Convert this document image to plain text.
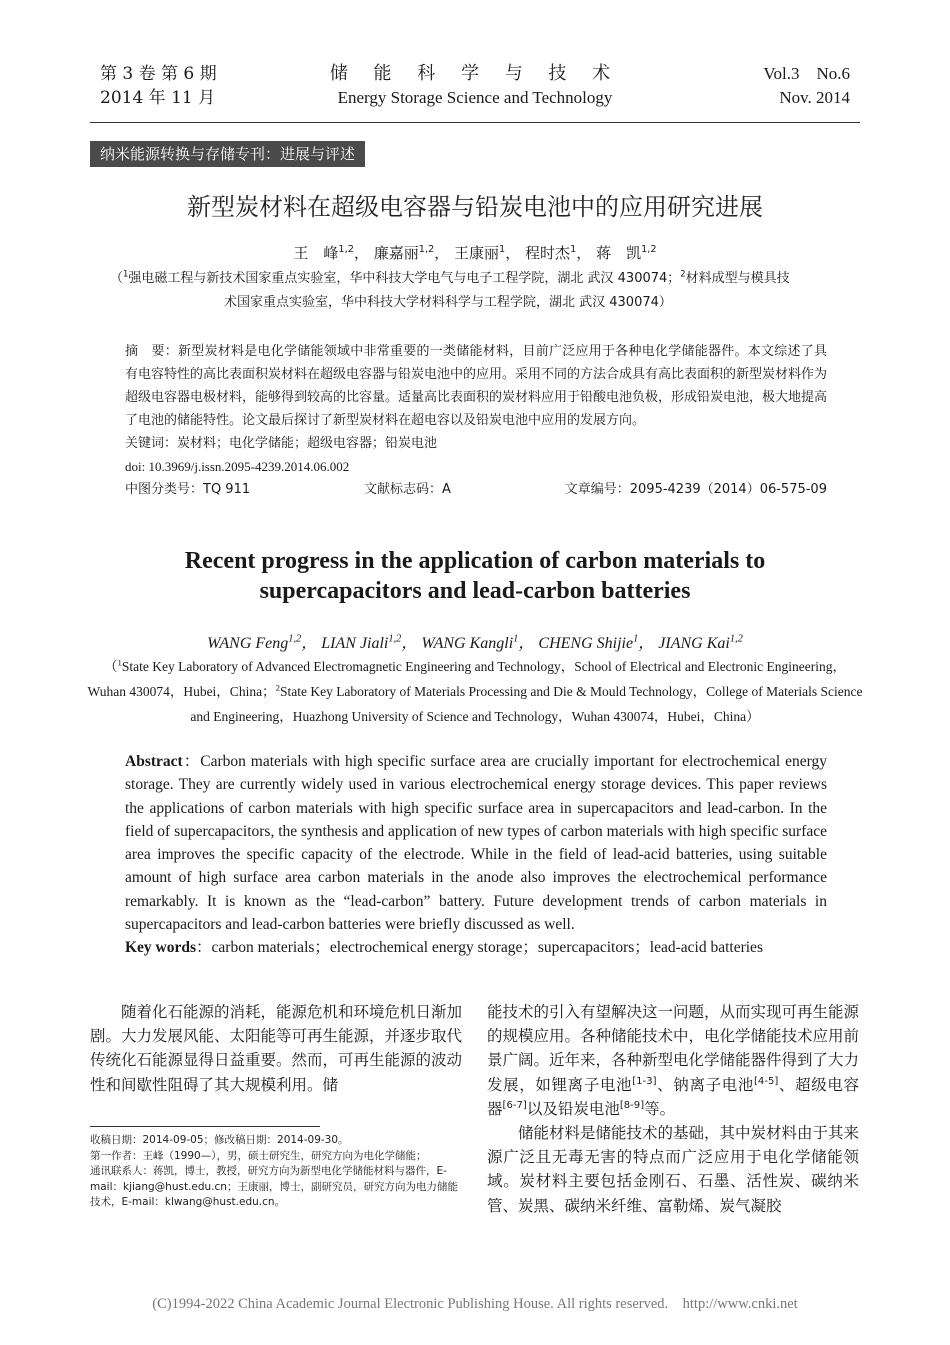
第 3 卷 第 6 期
2014 年 11 月
储 能 科 学 与 技 术
Energy Storage Science and Technology
Vol.3    No.6
Nov. 2014
纳米能源转换与存储专刊：进展与评述
新型炭材料在超级电容器与铅炭电池中的应用研究进展
王　峰$^{1,2}$， 廉嘉丽$^{1,2}$， 王康丽$^1$， 程时杰$^1$， 蒋　凯$^{1,2}$
（$^1$强电磁工程与新技术国家重点实验室，华中科技大学电气与电子工程学院，湖北 武汉 430074；$^2$材料成型与模具技
术国家重点实验室，华中科技大学材料科学与工程学院，湖北 武汉 430074）
摘　要：新型炭材料是电化学储能领域中非常重要的一类储能材料，目前广泛应用于各种电化学储能器件。本文综述了具有电容特性的高比表面积炭材料在超级电容器与铅炭电池中的应用。采用不同的方法合成具有高比表面积的新型炭材料作为超级电容器电极材料，能够得到较高的比容量。适量高比表面积的炭材料应用于铅酸电池负极，形成铅炭电池，极大地提高了电池的储能特性。论文最后探讨了新型炭材料在超电容以及铅炭电池中应用的发展方向。
关键词：炭材料；电化学储能；超级电容器；铅炭电池
doi: 10.3969/j.issn.2095-4239.2014.06.002
中图分类号：TQ 911	文献标志码：A	文章编号：2095-4239（2014）06-575-09
Recent progress in the application of carbon materials to
supercapacitors and lead-carbon batteries
WANG Feng$^{1,2}$， LIAN Jiali$^{1,2}$， WANG Kangli$^1$， CHENG Shijie$^1$， JIANG Kai$^{1,2}$
（$^1$State Key Laboratory of Advanced Electromagnetic Engineering and Technology，School of Electrical and Electronic Engineering，Wuhan 430074，Hubei，China；$^2$State Key Laboratory of Materials Processing and Die & Mould Technology，College of Materials Science and Engineering，Huazhong University of Science and Technology，Wuhan 430074，Hubei，China）
Abstract：Carbon materials with high specific surface area are crucially important for electrochemical energy storage. They are currently widely used in various electrochemical energy storage devices. This paper reviews the applications of carbon materials with high specific surface area in supercapacitors and lead-carbon. In the field of supercapacitors, the synthesis and application of new types of carbon materials with high specific surface area improves the specific capacity of the electrode. While in the field of lead-acid batteries, using suitable amount of high surface area carbon materials in the anode also improves the electrochemical performance remarkably. It is known as the “lead-carbon” battery. Future development trends of carbon materials in supercapacitors and lead-carbon batteries were briefly discussed as well.
Key words：carbon materials；electrochemical energy storage；supercapacitors；lead-acid batteries
随着化石能源的消耗，能源危机和环境危机日渐加剧。大力发展风能、太阳能等可再生能源，并逐步取代传统化石能源显得日益重要。然而，可再生能源的波动性和间歇性阻碍了其大规模利用。储
能技术的引入有望解决这一问题，从而实现可再生能源的规模应用。各种储能技术中，电化学储能技术应用前景广阔。近年来，各种新型电化学储能器件得到了大力发展，如锂离子电池[1-3]、钠离子电池[4-5]、超级电容器[6-7]以及铅炭电池[8-9]等。
储能材料是储能技术的基础，其中炭材料由于其来源广泛且无毒无害的特点而广泛应用于电化学储能领域。炭材料主要包括金刚石、石墨、活性炭、碳纳米管、炭黑、碳纳米纤维、富勒烯、炭气凝胶
收稿日期：2014-09-05；修改稿日期：2014-09-30。
第一作者：王峰（1990—），男，硕士研究生，研究方向为电化学储能；
通讯联系人：蒋凯，博士，教授，研究方向为新型电化学储能材料与器件，E-mail：kjiang@hust.edu.cn；王康丽，博士，副研究员，研究方向为电力储能技术，E-mail：klwang@hust.edu.cn。
(C)1994-2022 China Academic Journal Electronic Publishing House. All rights reserved.    http://www.cnki.net
